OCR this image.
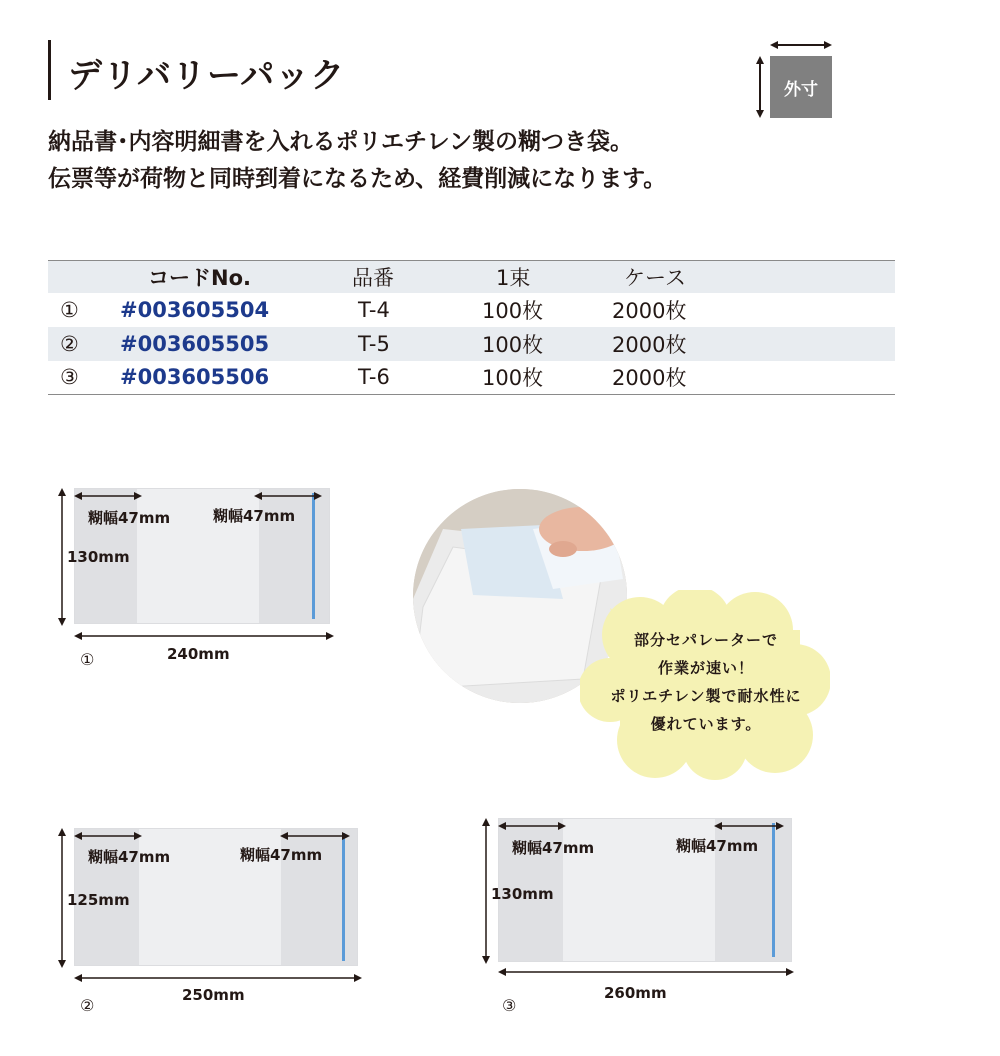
デリバリーパック	外寸
納品書･内容明細書を入れるポリエチレン製の糊つき袋。
伝票等が荷物と同時到着になるため、経費削減になります。
	コードNo.	品番	1束	ケース
①	#003605504	T-4	100枚	2000枚
②	#003605505	T-5	100枚	2000枚
③	#003605506	T-6	100枚	2000枚
糊幅47mm	糊幅47mm
130mm
240mm
①
部分セパレーターで
作業が速い！
ポリエチレン製で耐水性に
優れています。
糊幅47mm	糊幅47mm
125mm
250mm
②
糊幅47mm	糊幅47mm
130mm
260mm
③
